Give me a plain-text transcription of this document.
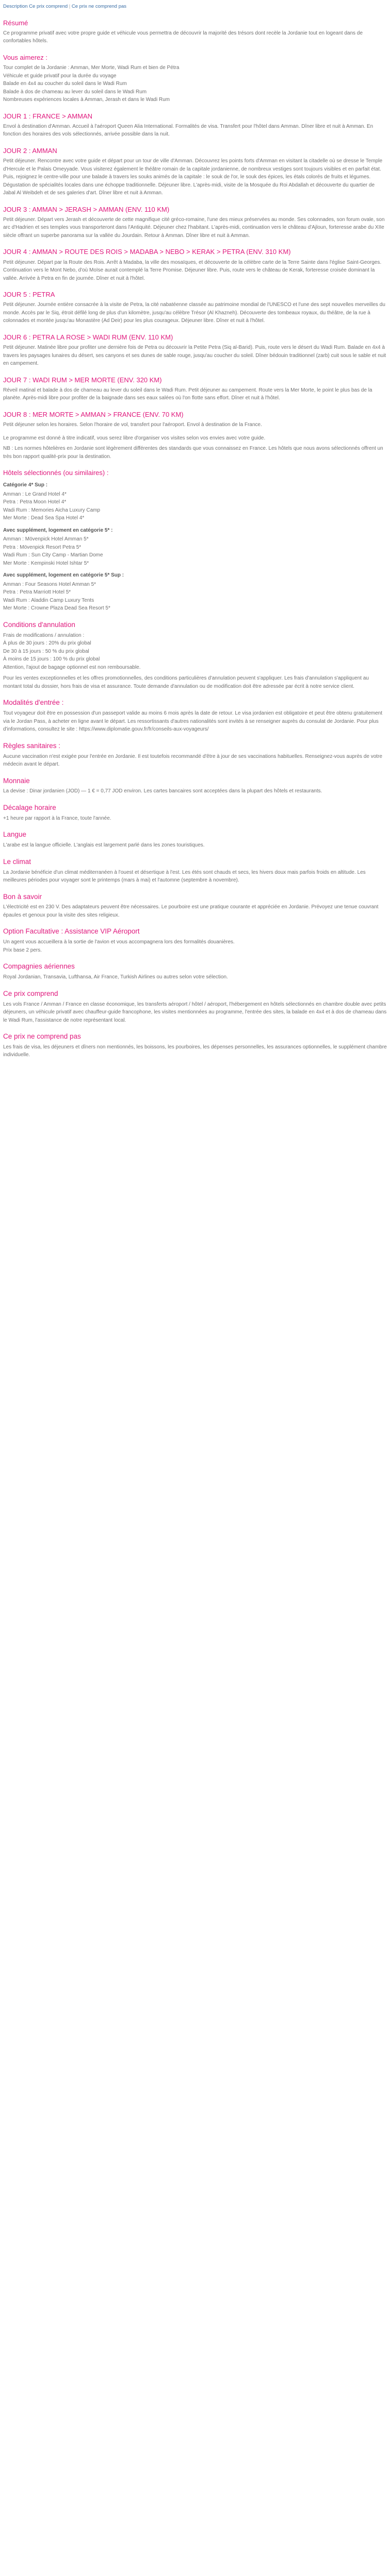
Description Ce prix comprend | Ce prix ne comprend pas
Résumé

Ce programme privatif avec votre propre guide et véhicule vous permettra de découvrir la majorité des trésors dont recèle la Jordanie tout en logeant dans de confortables hôtels.

Vous aimerez :

Tour complet de la Jordanie : Amman, Mer Morte, Wadi Rum et bien de Pétra

Véhicule et guide privatif pour la durée du voyage

Balade en 4x4 au coucher du soleil dans le Wadi Rum

Balade à dos de chameau au lever du soleil dans le Wadi Rum

Nombreuses expériences locales à Amman, Jerash et dans le Wadi Rum

JOUR 1 : FRANCE > AMMAN

Envol à destination d'Amman. Accueil à l'aéroport Queen Alia International. Formalités de visa. Transfert pour l'hôtel dans Amman. Dîner libre et nuit à Amman. En fonction des horaires des vols sélectionnés, arrivée possible dans la nuit.

JOUR 2 : AMMAN

Petit déjeuner. Rencontre avec votre guide et départ pour un tour de ville d'Amman. Découvrez les points forts d'Amman en visitant la citadelle où se dresse le Temple d'Hercule et le Palais Omeyyade. Vous visiterez également le théâtre romain de la capitale jordanienne, de nombreux vestiges sont toujours visibles et en parfait état. Puis, rejoignez le centre-ville pour une balade à travers les souks animés de la capitale : le souk de l'or, le souk des épices, les étals colorés de fruits et légumes. Dégustation de spécialités locales dans une échoppe traditionnelle. Déjeuner libre. L'après-midi, visite de la Mosquée du Roi Abdallah et découverte du quartier de Jabal Al Weibdeh et de ses galeries d'art. Dîner libre et nuit à Amman.

JOUR 3 : AMMAN > JERASH > AMMAN (ENV. 110 KM)

Petit déjeuner. Départ vers Jerash et découverte de cette magnifique cité gréco-romaine, l'une des mieux préservées au monde. Ses colonnades, son forum ovale, son arc d'Hadrien et ses temples vous transporteront dans l'Antiquité. Déjeuner chez l'habitant. L'après-midi, continuation vers le château d'Ajloun, forteresse arabe du XIIe siècle offrant un superbe panorama sur la vallée du Jourdain. Retour à Amman. Dîner libre et nuit à Amman.

JOUR 4 : AMMAN > ROUTE DES ROIS > MADABA > NEBO > KERAK > PETRA (ENV. 310 KM)

Petit déjeuner. Départ par la Route des Rois. Arrêt à Madaba, la ville des mosaïques, et découverte de la célèbre carte de la Terre Sainte dans l'église Saint-Georges. Continuation vers le Mont Nebo, d'où Moïse aurait contemplé la Terre Promise. Déjeuner libre. Puis, route vers le château de Kerak, forteresse croisée dominant la vallée. Arrivée à Petra en fin de journée. Dîner et nuit à l'hôtel.

JOUR 5 : PETRA

Petit déjeuner. Journée entière consacrée à la visite de Petra, la cité nabatéenne classée au patrimoine mondial de l'UNESCO et l'une des sept nouvelles merveilles du monde. Accès par le Siq, étroit défilé long de plus d'un kilomètre, jusqu'au célèbre Trésor (Al Khazneh). Découverte des tombeaux royaux, du théâtre, de la rue à colonnades et montée jusqu'au Monastère (Ad Deir) pour les plus courageux. Déjeuner libre. Dîner et nuit à l'hôtel.

JOUR 6 : PETRA LA ROSE > WADI RUM (ENV. 110 KM)

Petit déjeuner. Matinée libre pour profiter une dernière fois de Petra ou découvrir la Petite Petra (Siq al-Barid). Puis, route vers le désert du Wadi Rum. Balade en 4x4 à travers les paysages lunaires du désert, ses canyons et ses dunes de sable rouge, jusqu'au coucher du soleil. Dîner bédouin traditionnel (zarb) cuit sous le sable et nuit en campement.

JOUR 7 : WADI RUM > MER MORTE (ENV. 320 KM)

Réveil matinal et balade à dos de chameau au lever du soleil dans le Wadi Rum. Petit déjeuner au campement. Route vers la Mer Morte, le point le plus bas de la planète. Après-midi libre pour profiter de la baignade dans ses eaux salées où l'on flotte sans effort. Dîner et nuit à l'hôtel.

JOUR 8 : MER MORTE > AMMAN > FRANCE (ENV. 70 KM)

Petit déjeuner selon les horaires. Selon l'horaire de vol, transfert pour l'aéroport. Envol à destination de la France.

Le programme est donné à titre indicatif, vous serez libre d'organiser vos visites selon vos envies avec votre guide.

NB : Les normes hôtelières en Jordanie sont légèrement différentes des standards que vous connaissez en France. Les hôtels que nous avons sélectionnés offrent un très bon rapport qualité-prix pour la destination.

Hôtels sélectionnés (ou similaires) :

Catégorie 4* Sup :

Amman : Le Grand Hotel 4*

Petra : Petra Moon Hotel 4*

Wadi Rum : Memories Aicha Luxury Camp

Mer Morte : Dead Sea Spa Hotel 4*

Avec supplément, logement en catégorie 5* :

Amman : Mövenpick Hotel Amman 5*

Petra : Mövenpick Resort Petra 5*

Wadi Rum : Sun City Camp - Martian Dome

Mer Morte : Kempinski Hotel Ishtar 5*

Avec supplément, logement en catégorie 5* Sup :

Amman : Four Seasons Hotel Amman 5*

Petra : Petra Marriott Hotel 5*

Wadi Rum : Aladdin Camp Luxury Tents

Mer Morte : Crowne Plaza Dead Sea Resort 5*

Conditions d'annulation

Frais de modifications / annulation :

À plus de 30 jours : 20% du prix global

De 30 à 15 jours : 50 % du prix global

À moins de 15 jours : 100 % du prix global

Attention, l'ajout de bagage optionnel est non remboursable.

Pour les ventes exceptionnelles et les offres promotionnelles, des conditions particulières d'annulation peuvent s'appliquer. Les frais d'annulation s'appliquent au montant total du dossier, hors frais de visa et assurance. Toute demande d'annulation ou de modification doit être adressée par écrit à notre service client.

Modalités d'entrée :

Tout voyageur doit être en possession d'un passeport valide au moins 6 mois après la date de retour. Le visa jordanien est obligatoire et peut être obtenu gratuitement via le Jordan Pass, à acheter en ligne avant le départ. Les ressortissants d'autres nationalités sont invités à se renseigner auprès du consulat de Jordanie. Pour plus d'informations, consultez le site : https://www.diplomatie.gouv.fr/fr/conseils-aux-voyageurs/

Règles sanitaires :

Aucune vaccination n'est exigée pour l'entrée en Jordanie. Il est toutefois recommandé d'être à jour de ses vaccinations habituelles. Renseignez-vous auprès de votre médecin avant le départ.

Monnaie

La devise : Dinar jordanien (JOD) — 1 € = 0,77 JOD environ. Les cartes bancaires sont acceptées dans la plupart des hôtels et restaurants.

Décalage horaire

+1 heure par rapport à la France, toute l'année.

Langue

L'arabe est la langue officielle. L'anglais est largement parlé dans les zones touristiques.

Le climat

La Jordanie bénéficie d'un climat méditerranéen à l'ouest et désertique à l'est. Les étés sont chauds et secs, les hivers doux mais parfois froids en altitude. Les meilleures périodes pour voyager sont le printemps (mars à mai) et l'automne (septembre à novembre).

Bon à savoir

L'électricité est en 230 V. Des adaptateurs peuvent être nécessaires. Le pourboire est une pratique courante et appréciée en Jordanie. Prévoyez une tenue couvrant épaules et genoux pour la visite des sites religieux.

Option Facultative : Assistance VIP Aéroport

Un agent vous accueillera à la sortie de l'avion et vous accompagnera lors des formalités douanières.

Prix base 2 pers.

Compagnies aériennes

Royal Jordanian, Transavia, Lufthansa, Air France, Turkish Airlines ou autres selon votre sélection.

Ce prix comprend

Les vols France / Amman / France en classe économique, les transferts aéroport / hôtel / aéroport, l'hébergement en hôtels sélectionnés en chambre double avec petits déjeuners, un véhicule privatif avec chauffeur-guide francophone, les visites mentionnées au programme, l'entrée des sites, la balade en 4x4 et à dos de chameau dans le Wadi Rum, l'assistance de notre représentant local.

Ce prix ne comprend pas

Les frais de visa, les déjeuners et dîners non mentionnés, les boissons, les pourboires, les dépenses personnelles, les assurances optionnelles, le supplément chambre individuelle.
